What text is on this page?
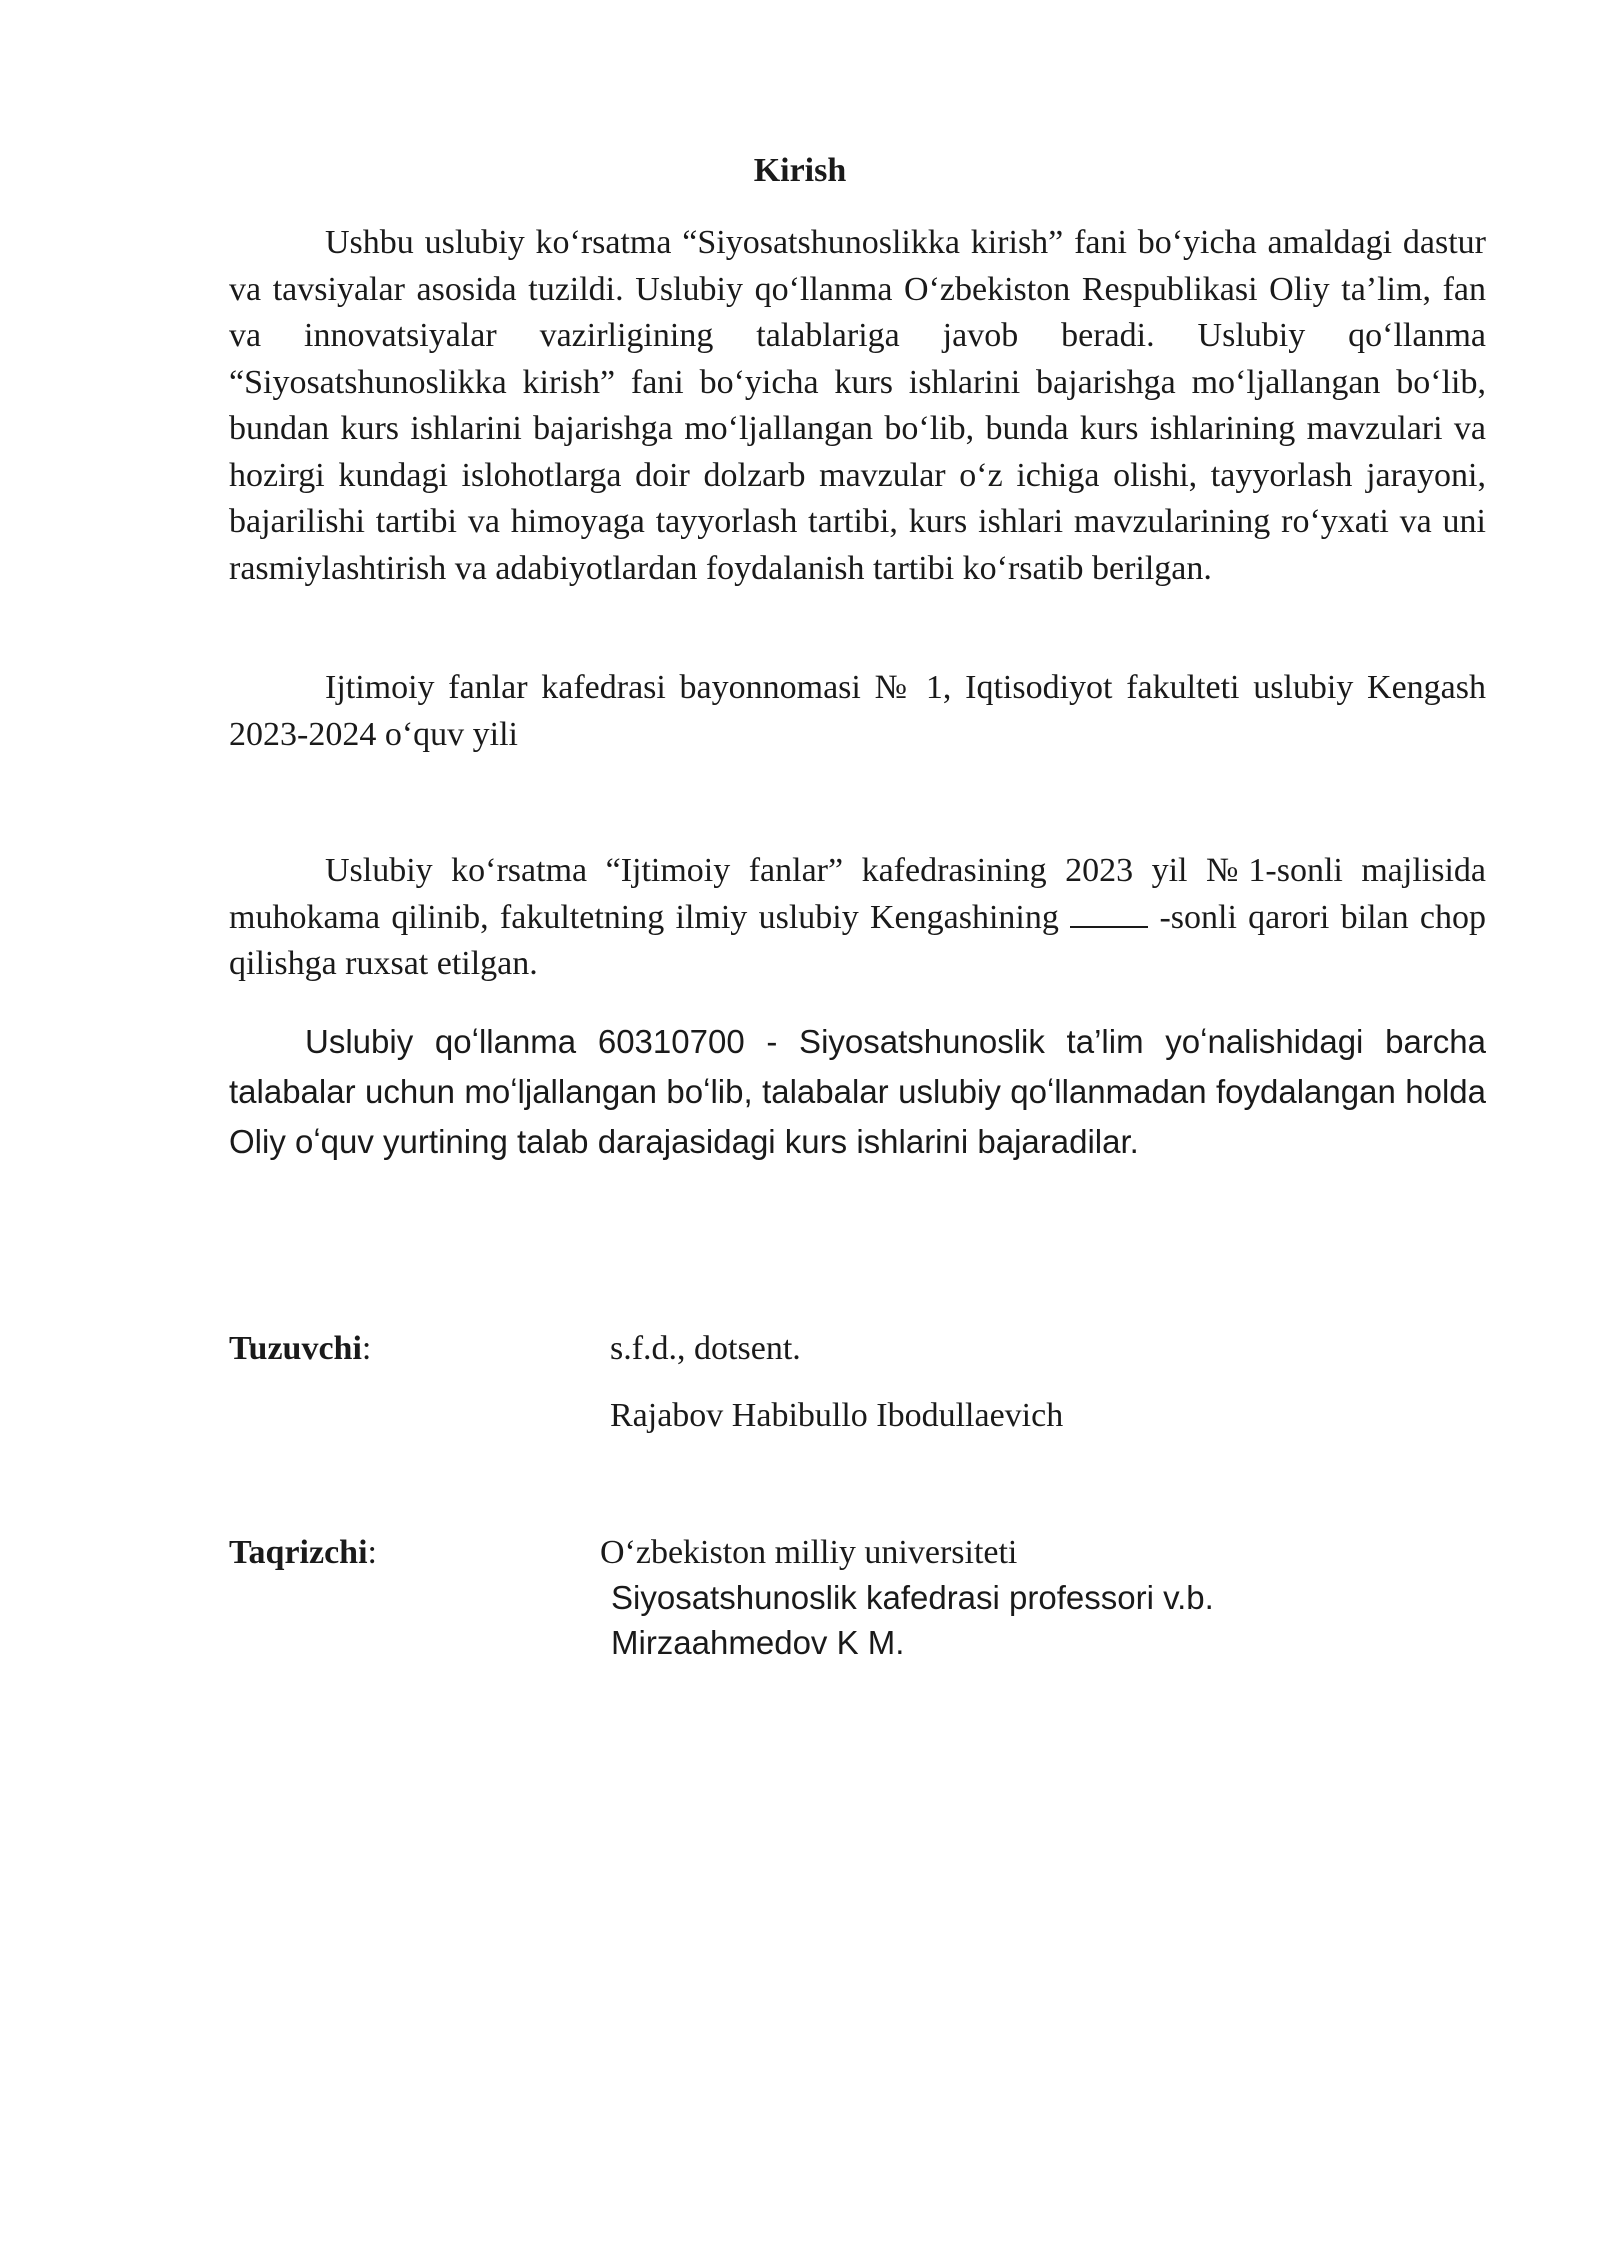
Kirish

Ushbu uslubiy koʻrsatma “Siyosatshunoslikka kirish” fani boʻyicha amaldagi dastur va tavsiyalar asosida tuzildi. Uslubiy qoʻllanma Oʻzbekiston Respublikasi Oliy ta’lim, fan va innovatsiyalar vazirligining talablariga javob beradi. Uslubiy qoʻllanma “Siyosatshunoslikka kirish” fani boʻyicha kurs ishlarini bajarishga moʻljallangan boʻlib, bundan kurs ishlarini bajarishga moʻljallangan boʻlib, bunda kurs ishlarining mavzulari va hozirgi kundagi islohotlarga doir dolzarb mavzular oʻz ichiga olishi, tayyorlash jarayoni, bajarilishi tartibi va himoyaga tayyorlash tartibi, kurs ishlari mavzularining roʻyxati va uni rasmiylashtirish va adabiyotlardan foydalanish tartibi koʻrsatib berilgan.

Ijtimoiy fanlar kafedrasi bayonnomasi № 1, Iqtisodiyot fakulteti uslubiy Kengash 2023-2024 oʻquv yili

Uslubiy koʻrsatma “Ijtimoiy fanlar” kafedrasining 2023 yil №1-sonli majlisida muhokama qilinib, fakultetning ilmiy uslubiy Kengashining	-sonli qarori bilan chop qilishga ruxsat etilgan.

Uslubiy qoʻllanma 60310700 - Siyosatshunoslik ta’lim yoʻnalishidagi barcha talabalar uchun moʻljallangan boʻlib, talabalar uslubiy qoʻllanmadan foydalangan holda Oliy oʻquv yurtining talab darajasidagi kurs ishlarini bajaradilar.

Tuzuvchi:	s.f.d., dotsent.
Rajabov Habibullo Ibodullaevich
Taqrizchi:	Oʻzbekiston milliy universiteti
Siyosatshunoslik kafedrasi professori v.b.
Mirzaahmedov K M.
